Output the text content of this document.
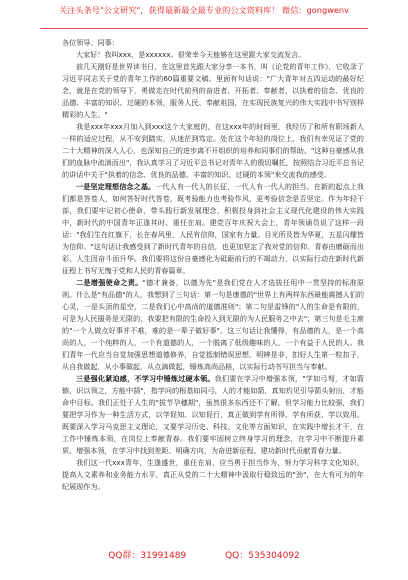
关注头条号"公文研究"，获得最新最全最专业的公文资料库！ 微信：gongwenv

各位领导、同事：

大家好！我叫xxx，是xxxxxx。很荣幸今天能够在这里跟大家交流发言。

前几天刚好是世界读书日，在这里首先跟大家分享一本书，叫《论党的青年工作》，它收录了习近平同志关于党的青年工作的60篇重要文稿。里面有句话说："广大青年对五四运动的最好纪念，就是在党的领导下，勇做走在时代前列的奋进者、开拓者、奉献者，以执着的信念、优良的品德、丰富的知识、过硬的本领，服务人民、奉献祖国，在实现民族复兴的伟大实践中书写别样精彩的人生。"

我是xxx年xxx月加入到xxx这个大家庭的，在这xxx年的时间里，我经历了和所有职场新人一样的适应过程，从不安到踏实，从迷茫到笃定。处在这个年轻的岗位上，我们有幸见证了党的二十大精神的深入人心，也深知自己的进步离不开组织的培养和同事们的帮助。"这种自豪感从我们的血脉中流淌而出"，我认真学习了习近平总书记对青年人的殷切嘱托，按照结合习近平总书记的讲话中关于"执着的信念、优良的品德、丰富的知识、过硬的本领"来交流我的感受。

一是坚定理想信念之基。一代人有一代人的长征，一代人有一代人的担当。在新的起点上我们都是答卷人，如何答好时代答卷，既考验能力也考验作风，更考验信念是否坚定。作为年轻干部，我们要牢记初心使命，带头践行新发展理念，积极投身到社会主义现代化建设的伟大实践中，新时代的中国青年正逢其时、重任在肩。建党百年庆祝大会上，青年领诵员说了这样一段话："我们生在红旗下，长在春风里，人民有信仰，国家有力量。目光所及皆为华夏，五星闪耀皆为信仰。"这句话让我感受到了新时代青年的自信，也更加坚定了我对党的信仰。青春由磨砺而出彩，人生因奋斗而升华。我们要将这份自豪感化为砥砺前行的不竭动力，以实际行动在新时代新征程上书写无愧于党和人民的青春篇章。

二是增强使命之责。"德才兼备，以德为先"是我们党在人才选拔任用中一贯坚持的标准原则。什么是"有品德"的人，我想到了三句话：第一句是康德的"世界上有两样东西最能震撼人们的心灵，一是头顶的星空，二是我们心中高尚的道德准则"；第二句是雷锋的"人的生命是有限的，可是为人民服务是无限的，我要把有限的生命投入到无限的为人民服务之中去"；第三句是毛主席的"一个人做点好事并不难，难的是一辈子做好事"。这三句话让我懂得，有品德的人，是一个高尚的人，一个纯粹的人，一个有道德的人，一个脱离了低级趣味的人，一个有益于人民的人。我们青年一代应当自觉加强思想道德修养，自觉抵制错误思想，明辨是非，扣好人生第一粒扣子，从自我做起，从小事做起，从点滴做起，锤炼高尚品格，以实际行动书写担当与奉献。

三是强化紧迫感，不学习中锤炼过硬本领。我们要在学习中增强本领，"学如弓弩，才如箭镞，识以领之，方能中鹄"，指学问的根基如同弓，人的才能如箭，真知灼见引导箭头射出，才能命中目标。我们正处于人生的"拔节孕穗期"，虽然很多东西还不了解，但学习能力比较强，我们要把学习作为一种生活方式，以学促知、以知促行，真正做到学有所得、学有所获、学以致用。既要深入学习马克思主义理论，又要学习历史、科技、文化等方面知识，在实践中增长才干，在工作中锤炼本领，在岗位上奉献青春。我们要牢固树立终身学习的理念，在学习中不断提升素质、增强本领，在学习中找到差距、明确方向，为奋进新征程、建功新时代贡献青春力量。

我们这一代xxx青年，生逢盛世，重任在肩，应当勇于担当作为，努力学习科学文化知识，提高人文素养和业务能力水平，真正从党的二十大精神中汲取行稳致远的"劲"，在大有可为的年纪展现作为。

QQ群：31991489	QQ：535304092
